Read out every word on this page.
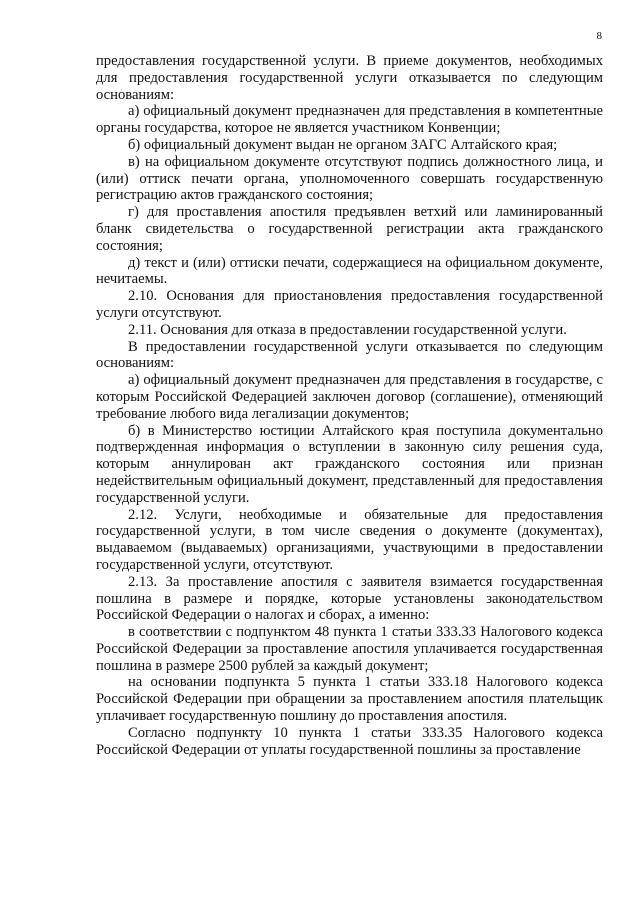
8

предоставления государственной услуги. В приеме документов, необходимых для предоставления государственной услуги отказывается по следующим основаниям:

а) официальный документ предназначен для представления в компетентные органы государства, которое не является участником Конвенции;

б) официальный документ выдан не органом ЗАГС Алтайского края;

в) на официальном документе отсутствуют подпись должностного лица, и (или) оттиск печати органа, уполномоченного совершать государственную регистрацию актов гражданского состояния;

г) для проставления апостиля предъявлен ветхий или ламинированный бланк свидетельства о государственной регистрации акта гражданского состояния;

д) текст и (или) оттиски печати, содержащиеся на официальном документе, нечитаемы.

2.10. Основания для приостановления предоставления государственной услуги отсутствуют.

2.11. Основания для отказа в предоставлении государственной услуги.

В предоставлении государственной услуги отказывается по следующим основаниям:

а) официальный документ предназначен для представления в государстве, с которым Российской Федерацией заключен договор (соглашение), отменяющий требование любого вида легализации документов;

б) в Министерство юстиции Алтайского края поступила документально подтвержденная информация о вступлении в законную силу решения суда, которым аннулирован акт гражданского состояния или признан недействительным официальный документ, представленный для предоставления государственной услуги.

2.12. Услуги, необходимые и обязательные для предоставления государственной услуги, в том числе сведения о документе (документах), выдаваемом (выдаваемых) организациями, участвующими в предоставлении государственной услуги, отсутствуют.

2.13. За проставление апостиля с заявителя взимается государственная пошлина в размере и порядке, которые установлены законодательством Российской Федерации о налогах и сборах, а именно:

в соответствии с подпунктом 48 пункта 1 статьи 333.33 Налогового кодекса Российской Федерации за проставление апостиля уплачивается государственная пошлина в размере 2500 рублей за каждый документ;

на основании подпункта 5 пункта 1 статьи 333.18 Налогового кодекса Российской Федерации при обращении за проставлением апостиля плательщик уплачивает государственную пошлину до проставления апостиля.

Согласно подпункту 10 пункта 1 статьи 333.35 Налогового кодекса Российской Федерации от уплаты государственной пошлины за проставление
